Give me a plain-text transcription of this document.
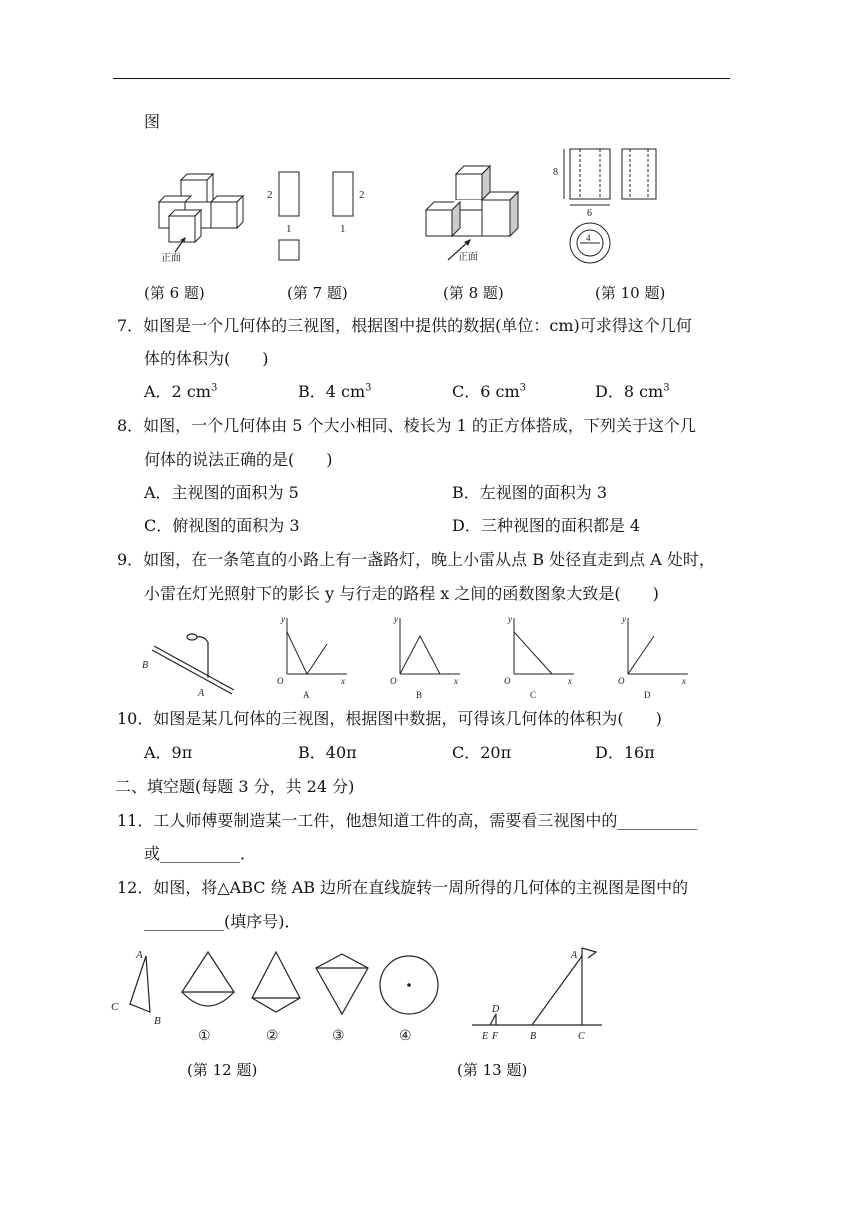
图
正面
2
1
2
1
正面
8
6
4
(第 6 题)	(第 7 题)	(第 8 题)	(第 10 题)
7．如图是一个几何体的三视图，根据图中提供的数据(单位：cm)可求得这个几何
体的体积为(　　)
A．2 $cm^3$	B．4 $cm^3$	C．6 $cm^3$	D．8 $cm^3$
8．如图，一个几何体由 5 个大小相同、棱长为 1 的正方体搭成，下列关于这个几
何体的说法正确的是(　　)
A．主视图的面积为 5	B．左视图的面积为 3
C．俯视图的面积为 3	D．三种视图的面积都是 4
9．如图，在一条笔直的小路上有一盏路灯，晚上小雷从点 B 处径直走到点 A 处时，
小雷在灯光照射下的影长 y 与行走的路程 x 之间的函数图象大致是(　　)
B
A
y
x
O
A
y
x
O
B
y
x
O
C
y
x
O
D
10．如图是某几何体的三视图，根据图中数据，可得该几何体的体积为(　　)
A．9π	B．40π	C．20π	D．16π
二、填空题(每题 3 分，共 24 分)
11．工人师傅要制造某一工件，他想知道工件的高，需要看三视图中的__________
或__________．
12．如图，将△ABC 绕 AB 边所在直线旋转一周所得的几何体的主视图是图中的
__________(填序号)．
A
C
B
①	②	③	④
A
D
E F	B	C
(第 12 题)	(第 13 题)
